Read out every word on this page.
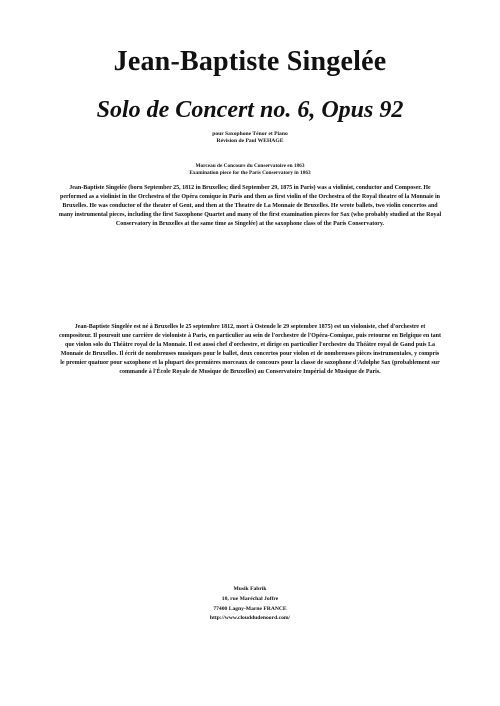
Jean-Baptiste Singelée
Solo de Concert no. 6, Opus 92
pour Saxophone Ténor et Piano
Révision de Paul WEHAGE
Morceau de Concours du Conservatoire en 1863
Examination piece for the Paris Conservatory in 1863

Jean-Baptiste Singelée (born September 25, 1812 in Bruxelles; died September 29, 1875 in Paris) was a violinist, conductor and Composer. He performed as a violinist in the Orchestra of the Opéra comique in Paris and then as first violin of the Orchestra of the Royal theatre of la Monnaie in Bruxelles. He was conductor of the theater of Gent, and then at the Theatre de La Monnaie de Bruxelles. He wrote ballets, two violin concertos and many instrumental pieces, including the first Saxophone Quartet and many of the first examination pieces for Sax (who probably studied at the Royal Conservatory in Bruxelles at the same time as Singelée) at the saxophone class of the Paris Conservatory.

Jean-Baptiste Singelée est né à Bruxelles le 25 septembre 1812, mort à Ostende le 29 septembre 1875) est un violoniste, chef d'orchestre et compositeur. Il poursuit une carrière de violoniste à Paris, en particulier au sein de l'orchestre de l'Opéra-Comique, puis retourne en Belgique en tant que violon solo du Théâtre royal de la Monnaie. Il est aussi chef d'orchestre, et dirige en particulier l'orchestre du Théâtre royal de Gand puis La Monnaie de Bruxelles. Il écrit de nombreuses musiques pour le ballet, deux concertos pour violon et de nombreuses pièces instrumentales, y compris le premier quatuor pour saxophone et la plupart des premières morceaux de concours pour la classe de saxophone d'Adolphe Sax (probablement sur commande à l'École Royale de Musique de Bruxelles) au Conservatoire Impérial de Musique de Paris.

Musik Fabrik
10, rue Maréchal Joffre
77400 Lagny-Marne FRANCE
http://www.clouddudenoord.com/
